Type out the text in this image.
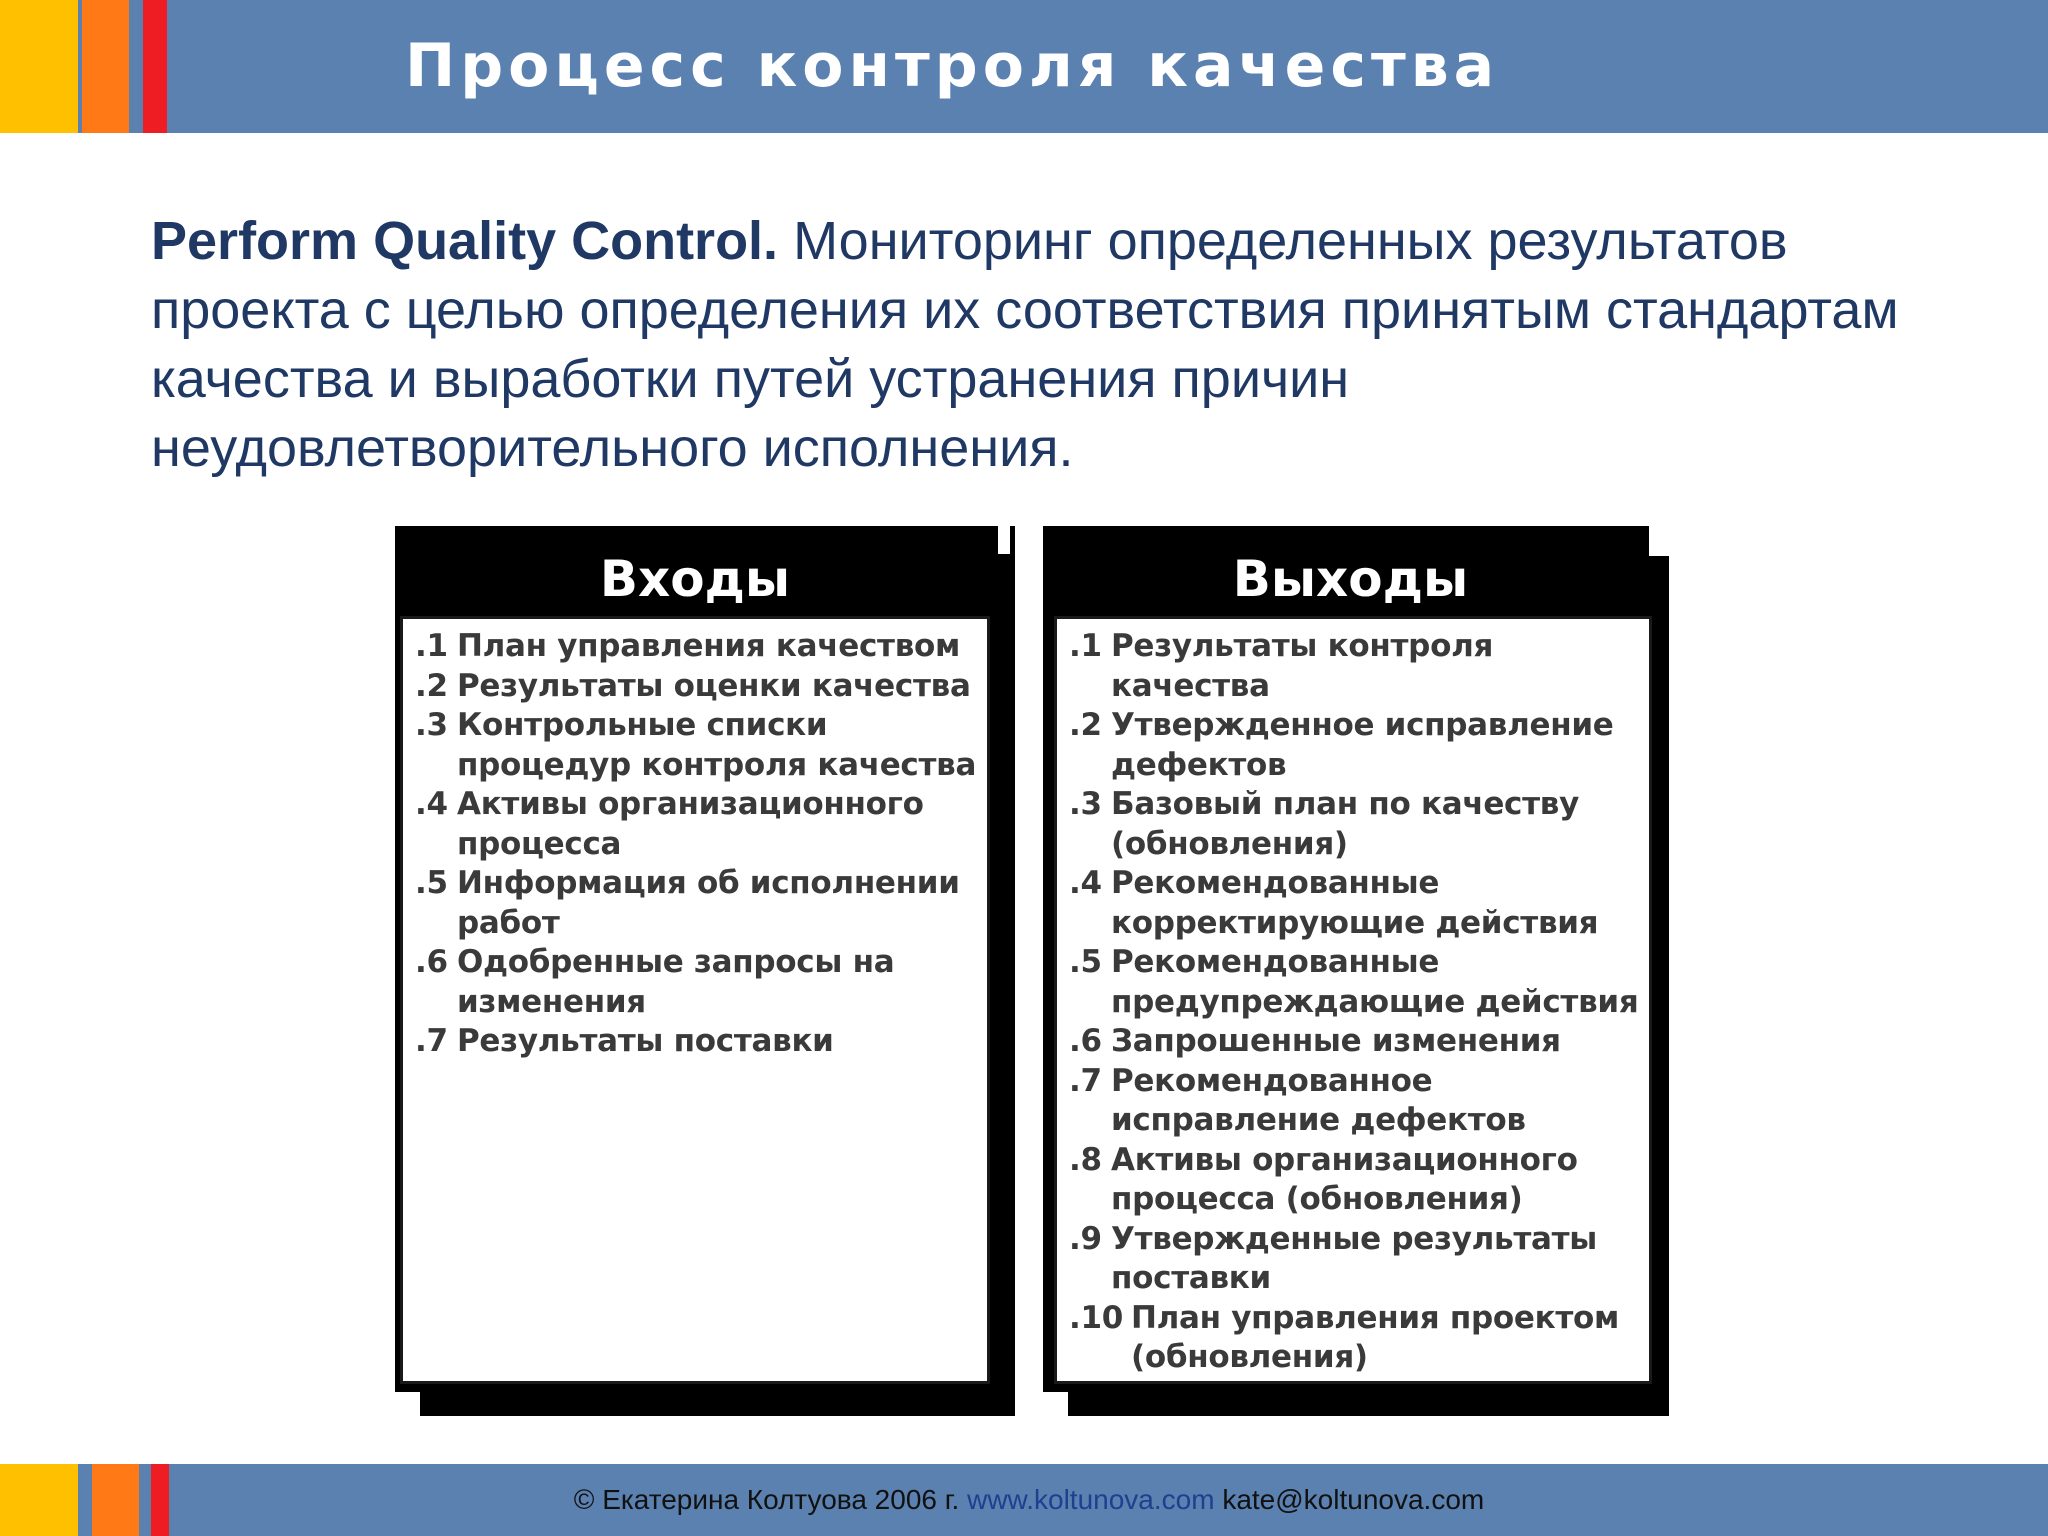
Процесс контроля качества

Perform Quality Control. Мониторинг определенных результатов проекта с целью определения их соответствия принятым стандартам качества и выработки путей устранения причин неудовлетворительного исполнения.

Входы
.1 План управления качеством
.2 Результаты оценки качества
.3 Контрольные списки
процедур контроля качества
.4 Активы организационного
процесса
.5 Информация об исполнении
работ
.6 Одобренные запросы на
изменения
.7 Результаты поставки
Выходы
.1 Результаты контроля
качества
.2 Утвержденное исправление
дефектов
.3 Базовый план по качеству
(обновления)
.4 Рекомендованные
корректирующие действия
.5 Рекомендованные
предупреждающие действия
.6 Запрошенные изменения
.7 Рекомендованное
исправление дефектов
.8 Активы организационного
процесса (обновления)
.9 Утвержденные результаты
поставки
.10 План управления проектом
(обновления)
© Екатерина Колтуова 2006 г. www.koltunova.com kate@koltunova.com
